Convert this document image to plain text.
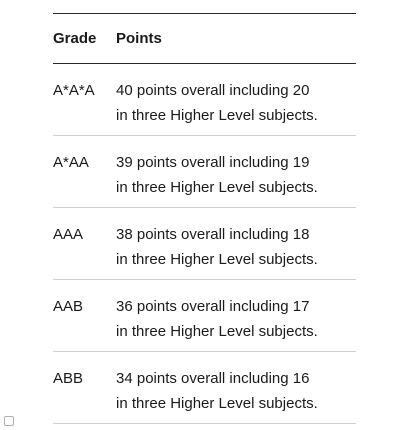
Grade	Points
A*A*A	40 points overall including 20
in three Higher Level subjects.
A*AA	39 points overall including 19
in three Higher Level subjects.
AAA	38 points overall including 18
in three Higher Level subjects.
AAB	36 points overall including 17
in three Higher Level subjects.
ABB	34 points overall including 16
in three Higher Level subjects.
